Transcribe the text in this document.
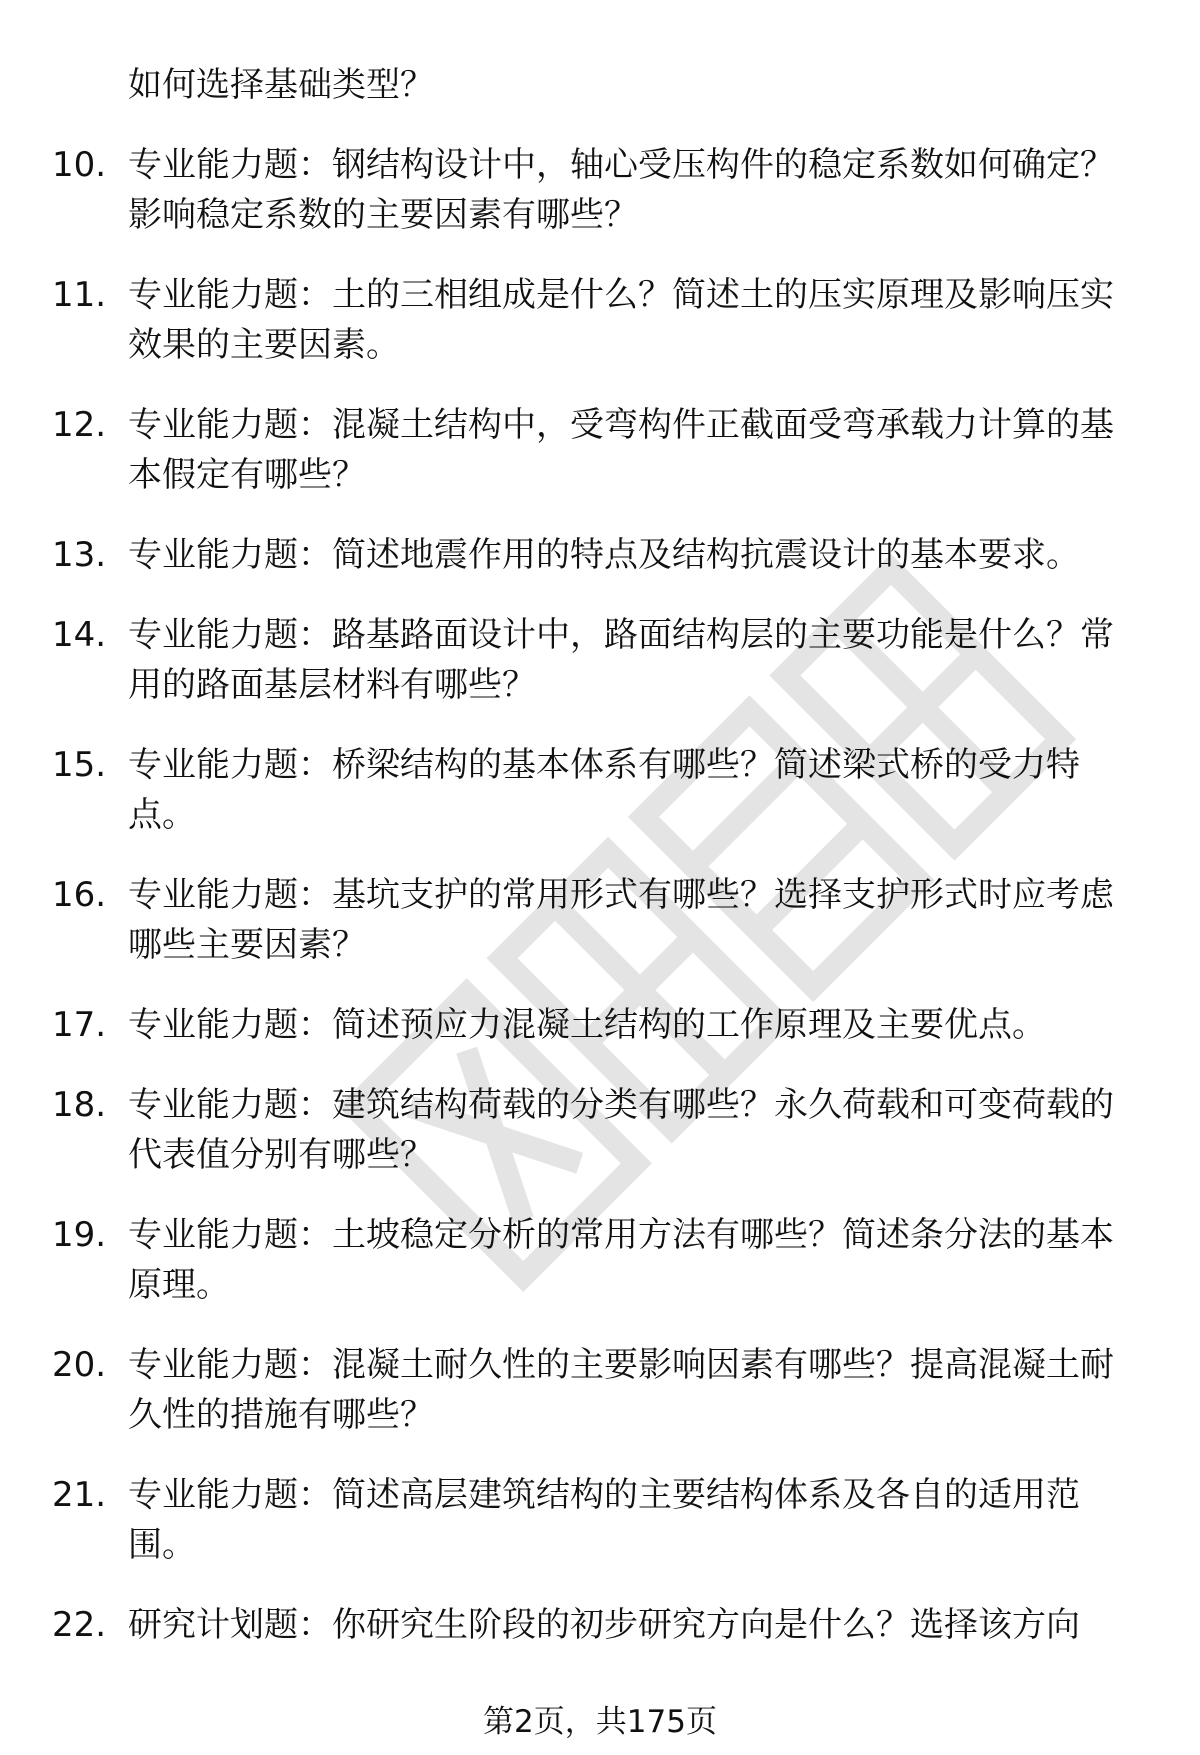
如何选择基础类型？
10. 专业能力题：钢结构设计中，轴心受压构件的稳定系数如何确定？影响稳定系数的主要因素有哪些？
11. 专业能力题：土的三相组成是什么？简述土的压实原理及影响压实效果的主要因素。
12. 专业能力题：混凝土结构中，受弯构件正截面受弯承载力计算的基本假定有哪些？
13. 专业能力题：简述地震作用的特点及结构抗震设计的基本要求。
14. 专业能力题：路基路面设计中，路面结构层的主要功能是什么？常用的路面基层材料有哪些？
15. 专业能力题：桥梁结构的基本体系有哪些？简述梁式桥的受力特点。
16. 专业能力题：基坑支护的常用形式有哪些？选择支护形式时应考虑哪些主要因素？
17. 专业能力题：简述预应力混凝土结构的工作原理及主要优点。
18. 专业能力题：建筑结构荷载的分类有哪些？永久荷载和可变荷载的代表值分别有哪些？
19. 专业能力题：土坡稳定分析的常用方法有哪些？简述条分法的基本原理。
20. 专业能力题：混凝土耐久性的主要影响因素有哪些？提高混凝土耐久性的措施有哪些？
21. 专业能力题：简述高层建筑结构的主要结构体系及各自的适用范围。
22. 研究计划题：你研究生阶段的初步研究方向是什么？选择该方向
第2页，共175页
